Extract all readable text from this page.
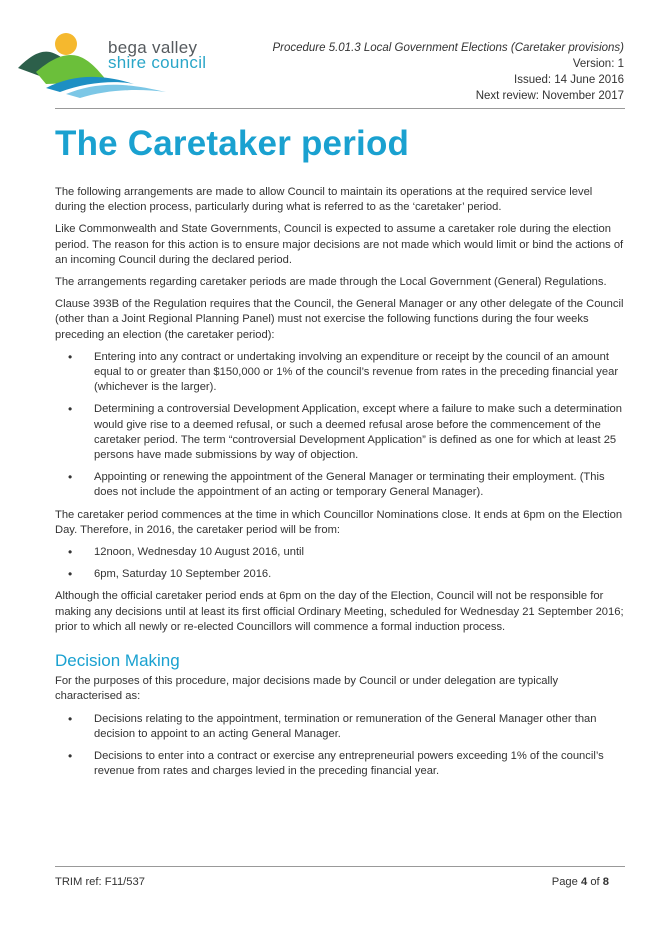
bega valley
shire council
Procedure 5.01.3 Local Government Elections (Caretaker provisions)
Version: 1
Issued: 14 June 2016
Next review: November 2017
The Caretaker period

The following arrangements are made to allow Council to maintain its operations at the required service level during the election process, particularly during what is referred to as the ‘caretaker’ period.

Like Commonwealth and State Governments, Council is expected to assume a caretaker role during the election period. The reason for this action is to ensure major decisions are not made which would limit or bind the actions of an incoming Council during the declared period.

The arrangements regarding caretaker periods are made through the Local Government (General) Regulations.

Clause 393B of the Regulation requires that the Council, the General Manager or any other delegate of the Council (other than a Joint Regional Planning Panel) must not exercise the following functions during the four weeks preceding an election (the caretaker period):

• Entering into any contract or undertaking involving an expenditure or receipt by the council of an amount equal to or greater than $150,000 or 1% of the council’s revenue from rates in the preceding financial year (whichever is the larger).
• Determining a controversial Development Application, except where a failure to make such a determination would give rise to a deemed refusal, or such a deemed refusal arose before the commencement of the caretaker period. The term “controversial Development Application” is defined as one for which at least 25 persons have made submissions by way of objection.
• Appointing or renewing the appointment of the General Manager or terminating their employment. (This does not include the appointment of an acting or temporary General Manager).

The caretaker period commences at the time in which Councillor Nominations close. It ends at 6pm on the Election Day. Therefore, in 2016, the caretaker period will be from:

• 12noon, Wednesday 10 August 2016, until
• 6pm, Saturday 10 September 2016.

Although the official caretaker period ends at 6pm on the day of the Election, Council will not be responsible for making any decisions until at least its first official Ordinary Meeting, scheduled for Wednesday 21 September 2016; prior to which all newly or re-elected Councillors will commence a formal induction process.

Decision Making

For the purposes of this procedure, major decisions made by Council or under delegation are typically characterised as:

• Decisions relating to the appointment, termination or remuneration of the General Manager other than decision to appoint to an acting General Manager.
• Decisions to enter into a contract or exercise any entrepreneurial powers exceeding 1% of the council’s revenue from rates and charges levied in the preceding financial year.
TRIM ref: F11/537	Page 4 of 8
